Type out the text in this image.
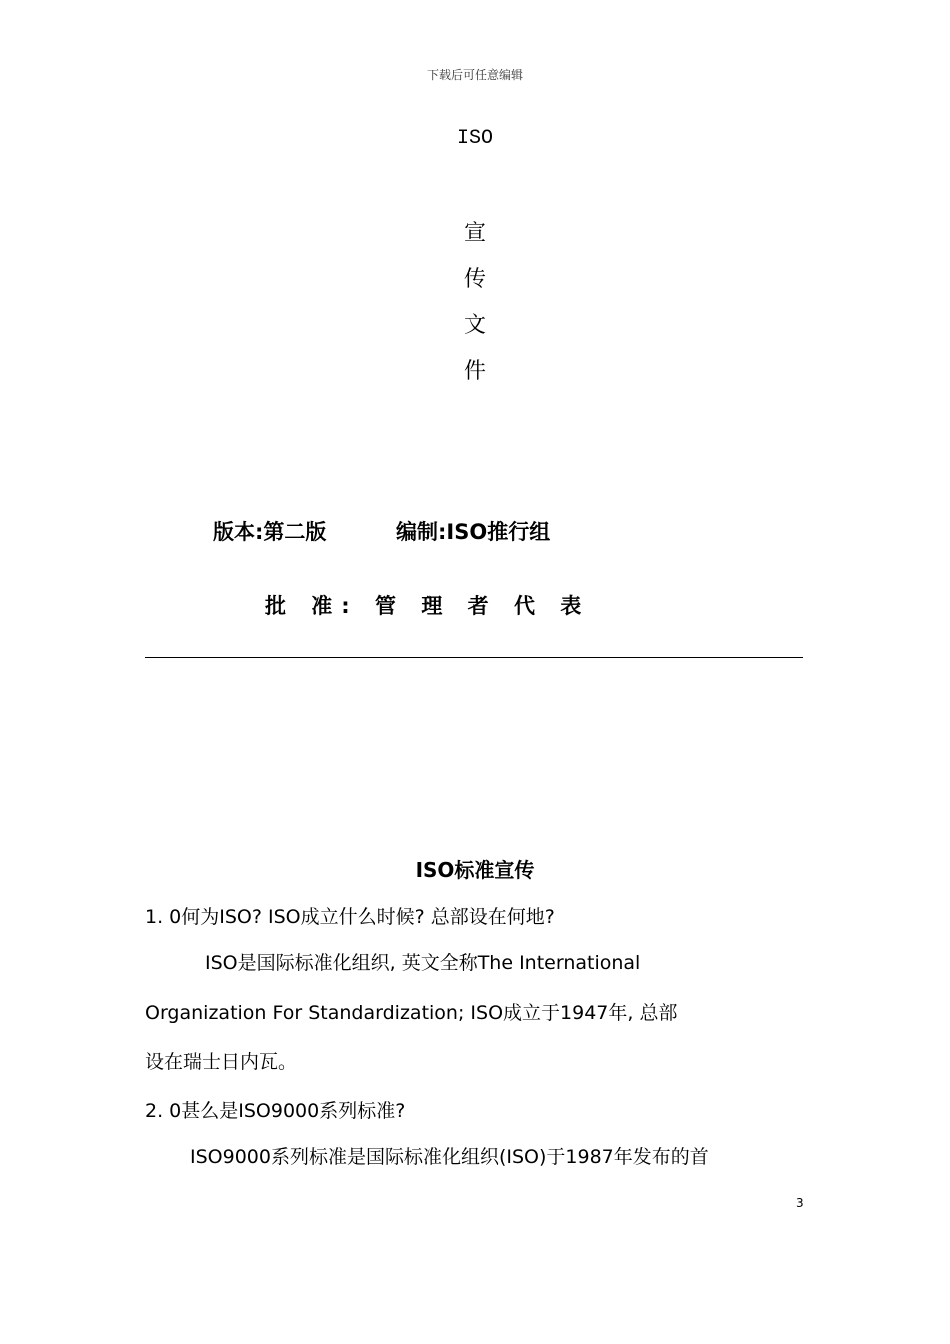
下载后可任意编辑
ISO
宣
传
文
件
版本:第二版	编制:ISO推行组
批 准: 管 理 者 代 表
ISO标准宣传
1. 0何为ISO? ISO成立什么时候? 总部设在何地?
ISO是国际标准化组织, 英文全称The International
Organization For Standardization; ISO成立于1947年, 总部
设在瑞士日内瓦。
2. 0甚么是ISO9000系列标准?
ISO9000系列标准是国际标准化组织(ISO)于1987年发布的首
3
